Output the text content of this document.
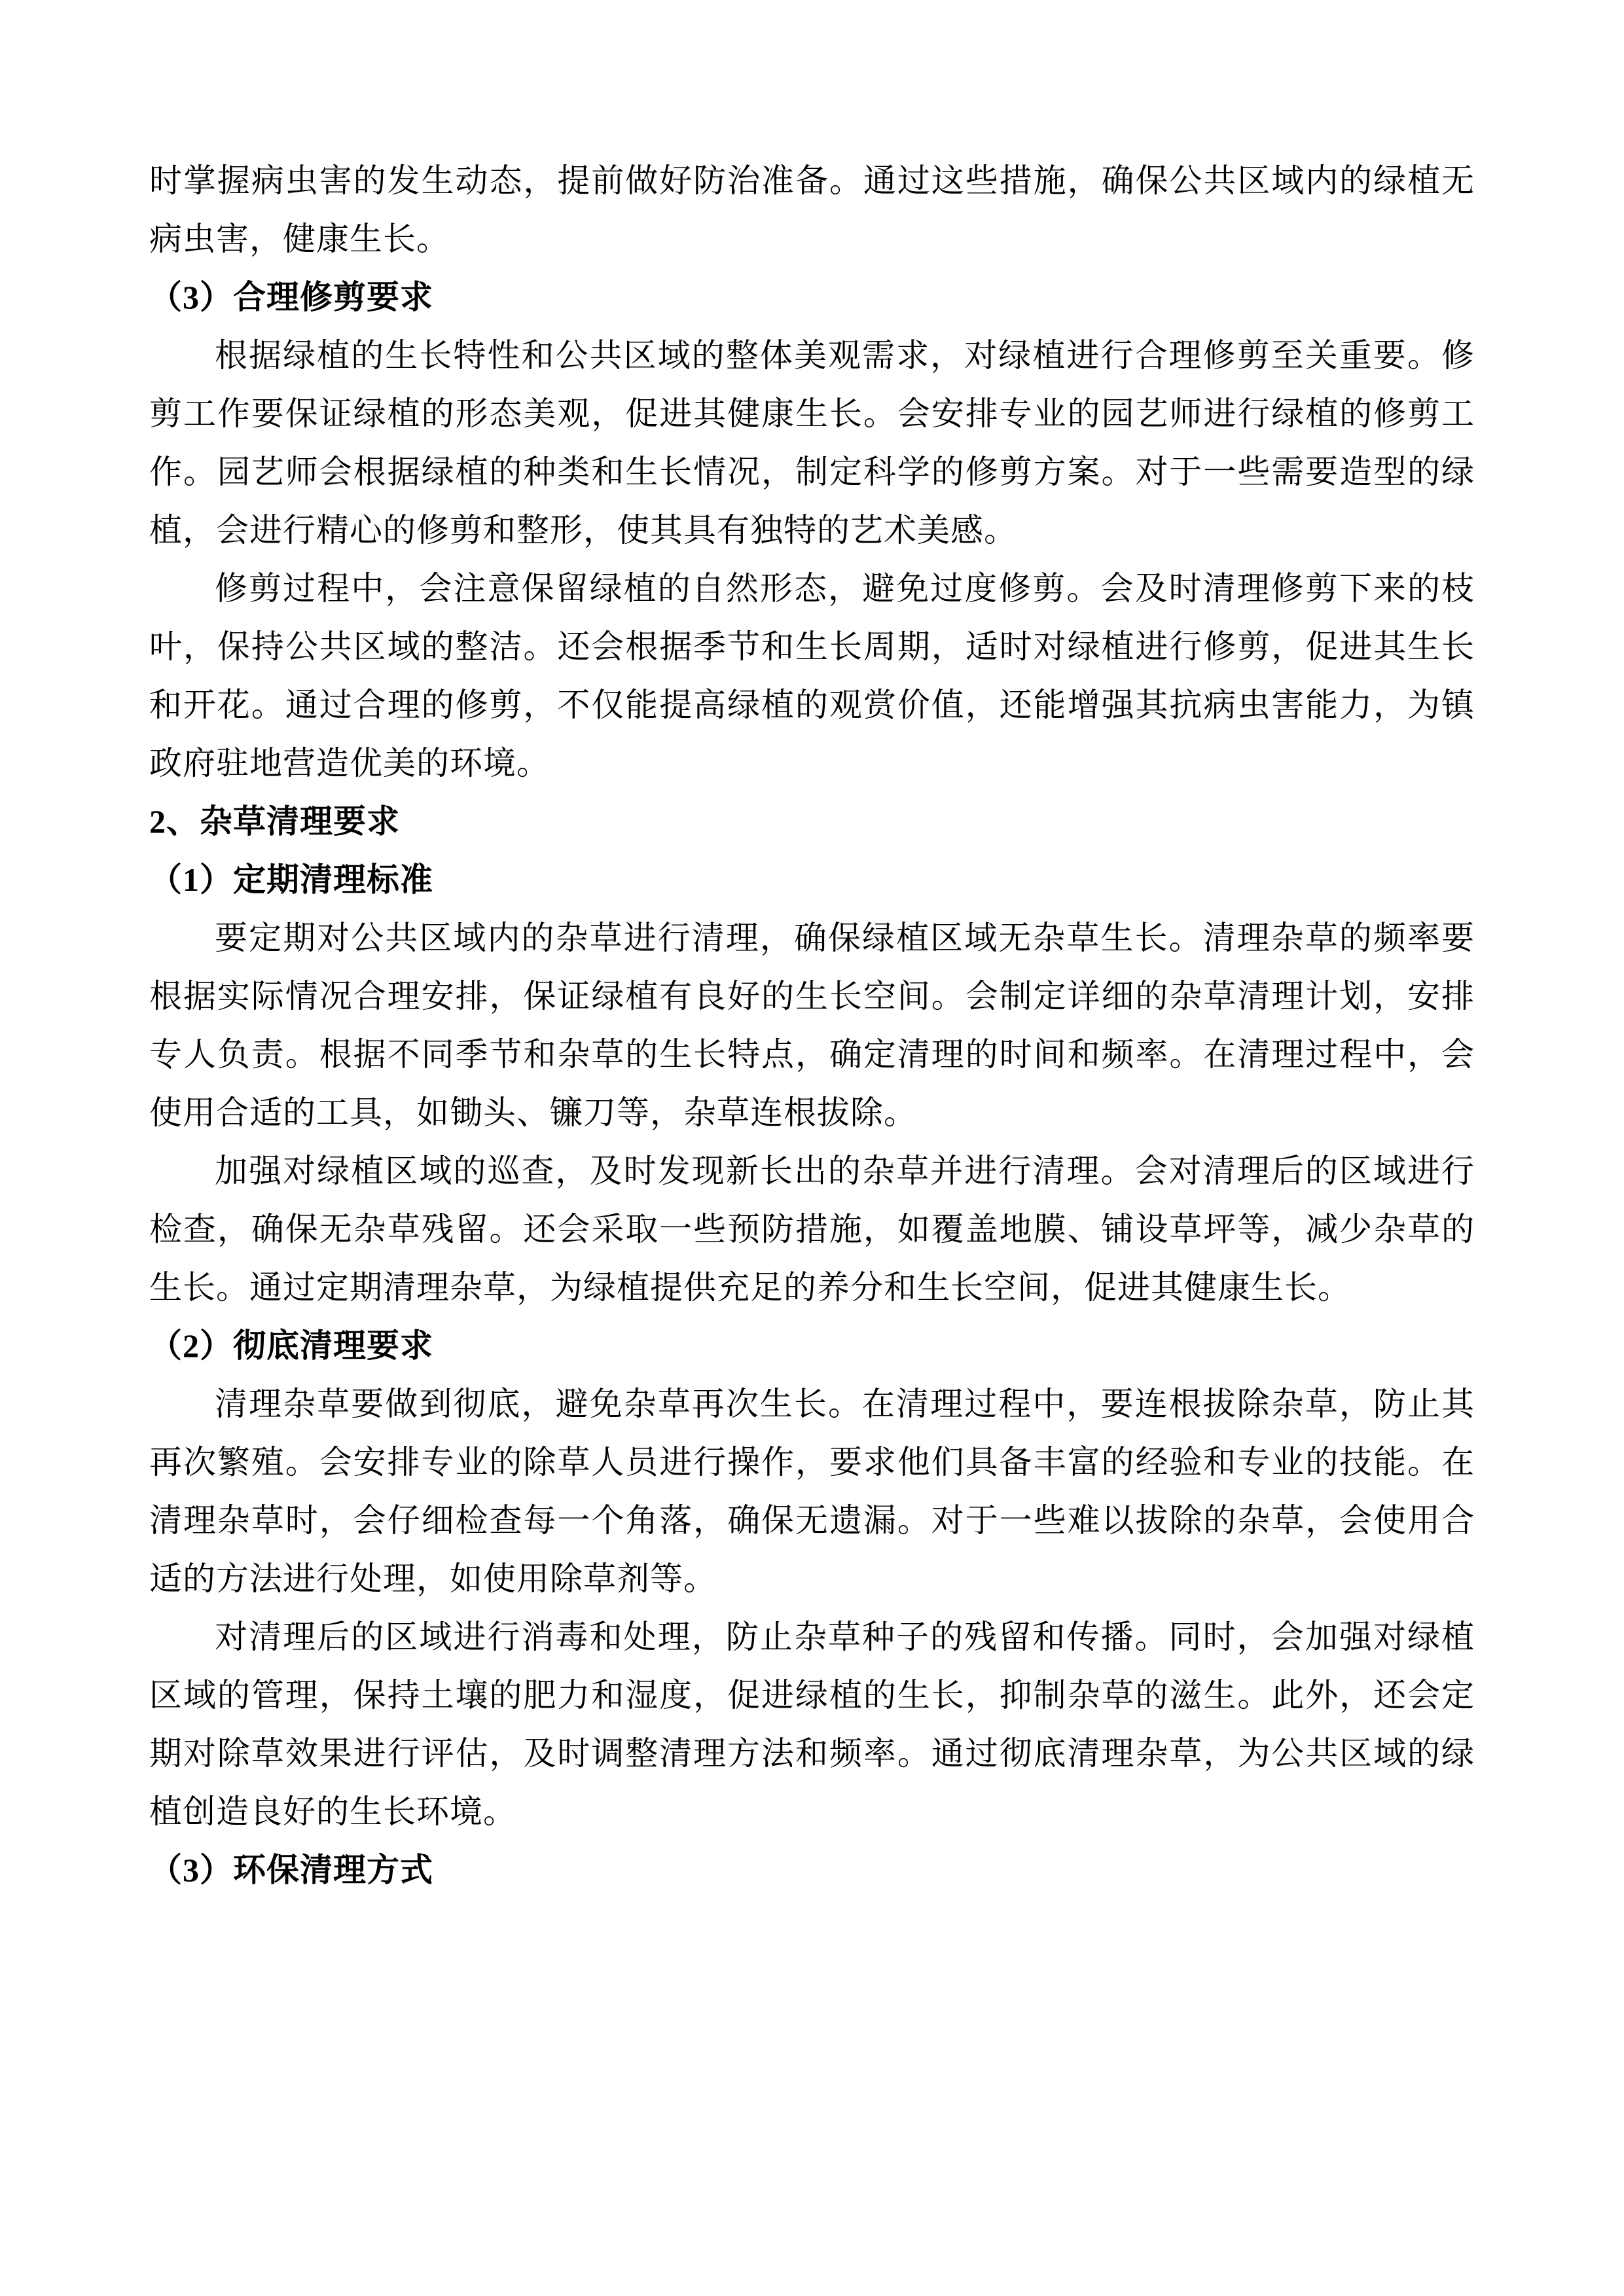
时掌握病虫害的发生动态，提前做好防治准备。通过这些措施，确保公共区域内的绿植无病虫害，健康生长。

（3）合理修剪要求

根据绿植的生长特性和公共区域的整体美观需求，对绿植进行合理修剪至关重要。修剪工作要保证绿植的形态美观，促进其健康生长。会安排专业的园艺师进行绿植的修剪工作。园艺师会根据绿植的种类和生长情况，制定科学的修剪方案。对于一些需要造型的绿植，会进行精心的修剪和整形，使其具有独特的艺术美感。

修剪过程中，会注意保留绿植的自然形态，避免过度修剪。会及时清理修剪下来的枝叶，保持公共区域的整洁。还会根据季节和生长周期，适时对绿植进行修剪，促进其生长和开花。通过合理的修剪，不仅能提高绿植的观赏价值，还能增强其抗病虫害能力，为镇政府驻地营造优美的环境。

2、杂草清理要求

（1）定期清理标准

要定期对公共区域内的杂草进行清理，确保绿植区域无杂草生长。清理杂草的频率要根据实际情况合理安排，保证绿植有良好的生长空间。会制定详细的杂草清理计划，安排专人负责。根据不同季节和杂草的生长特点，确定清理的时间和频率。在清理过程中，会使用合适的工具，如锄头、镰刀等，杂草连根拔除。

加强对绿植区域的巡查，及时发现新长出的杂草并进行清理。会对清理后的区域进行检查，确保无杂草残留。还会采取一些预防措施，如覆盖地膜、铺设草坪等，减少杂草的生长。通过定期清理杂草，为绿植提供充足的养分和生长空间，促进其健康生长。

（2）彻底清理要求

清理杂草要做到彻底，避免杂草再次生长。在清理过程中，要连根拔除杂草，防止其再次繁殖。会安排专业的除草人员进行操作，要求他们具备丰富的经验和专业的技能。在清理杂草时，会仔细检查每一个角落，确保无遗漏。对于一些难以拔除的杂草，会使用合适的方法进行处理，如使用除草剂等。

对清理后的区域进行消毒和处理，防止杂草种子的残留和传播。同时，会加强对绿植区域的管理，保持土壤的肥力和湿度，促进绿植的生长，抑制杂草的滋生。此外，还会定期对除草效果进行评估，及时调整清理方法和频率。通过彻底清理杂草，为公共区域的绿植创造良好的生长环境。

（3）环保清理方式
